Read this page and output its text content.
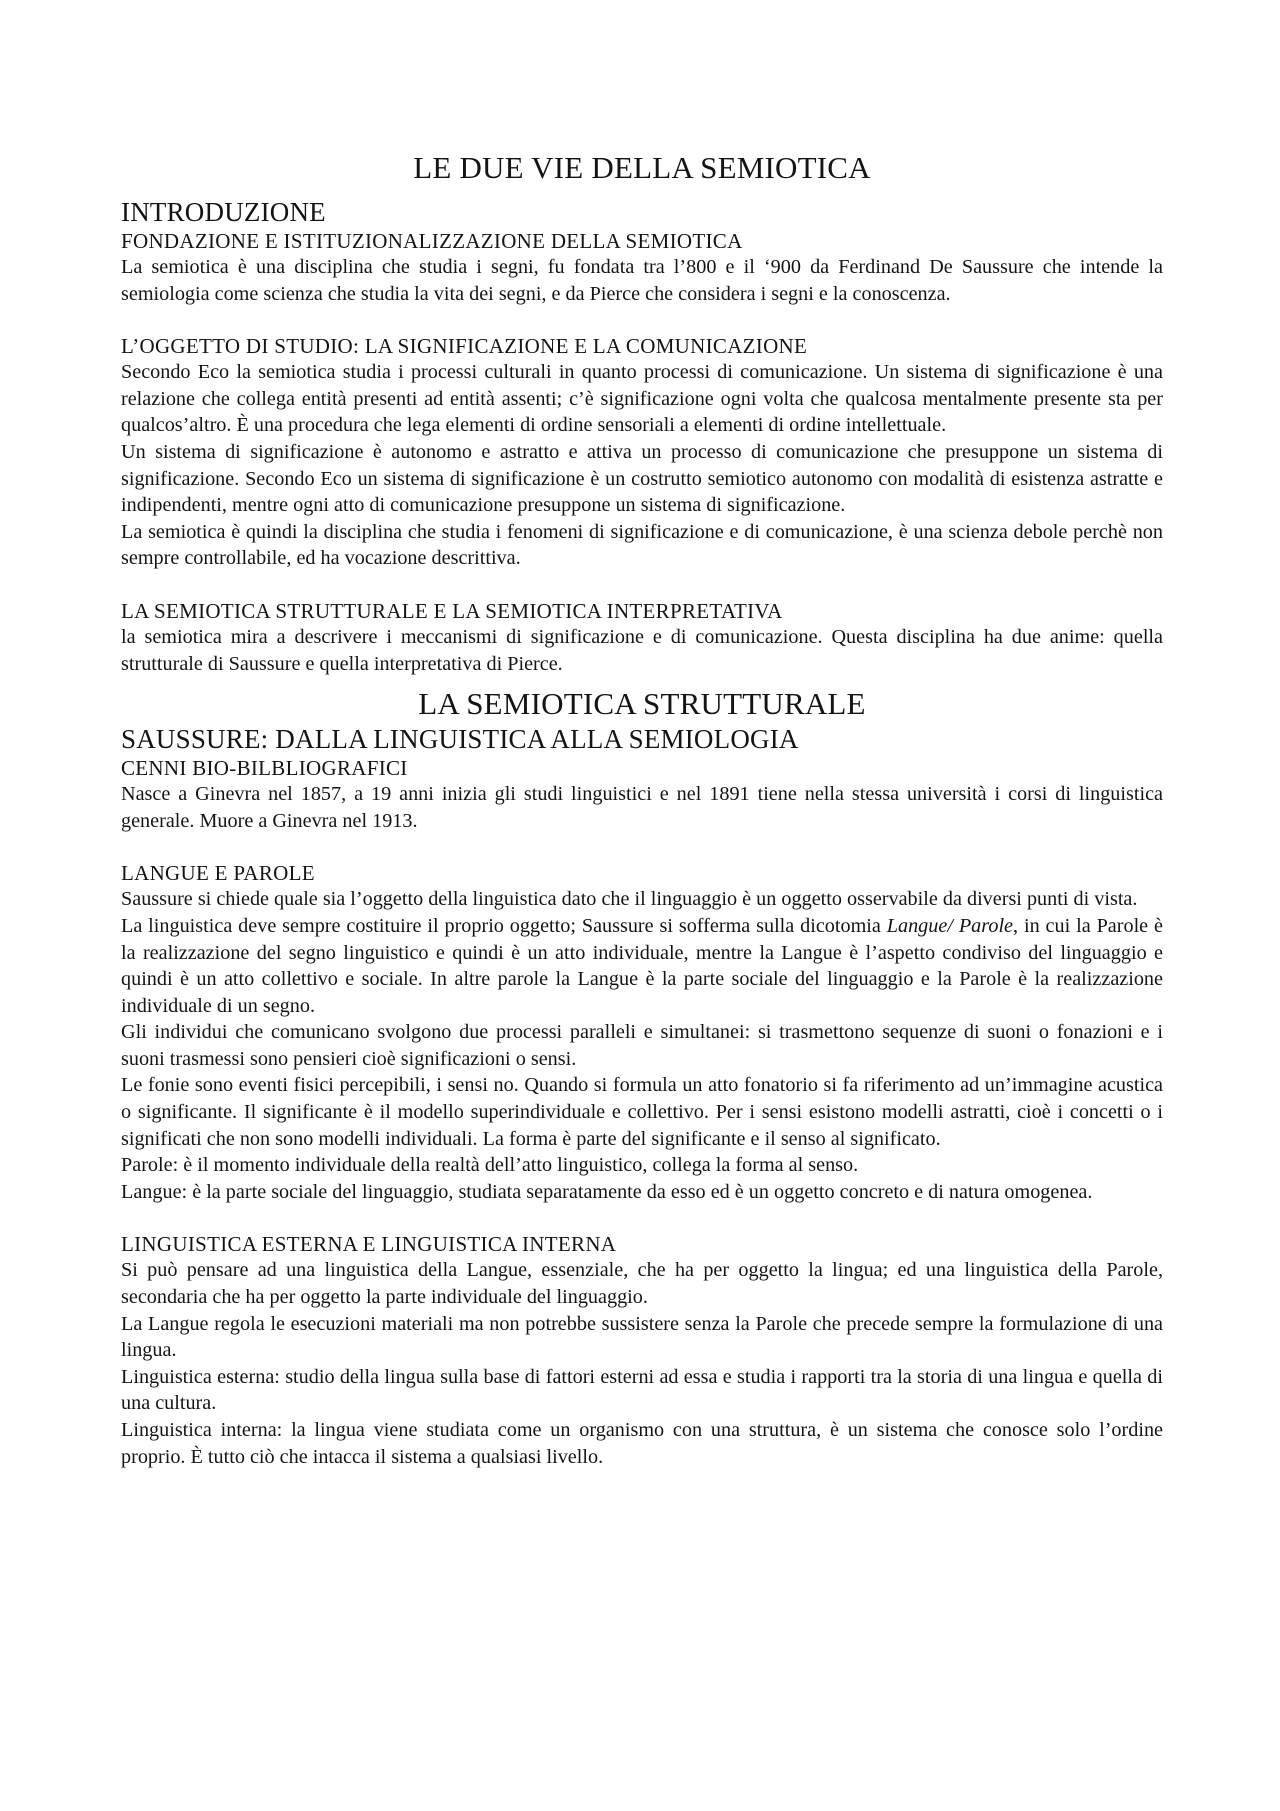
LE DUE VIE DELLA SEMIOTICA
INTRODUZIONE
FONDAZIONE E ISTITUZIONALIZZAZIONE DELLA SEMIOTICA

La semiotica è una disciplina che studia i segni, fu fondata tra l’800 e il ‘900 da Ferdinand De Saussure che intende la semiologia come scienza che studia la vita dei segni, e da Pierce che considera i segni e la conoscenza.

L’OGGETTO DI STUDIO: LA SIGNIFICAZIONE E LA COMUNICAZIONE

Secondo Eco la semiotica studia i processi culturali in quanto processi di comunicazione. Un sistema di significazione è una relazione che collega entità presenti ad entità assenti; c’è significazione ogni volta che qualcosa mentalmente presente sta per qualcos’altro. È una procedura che lega elementi di ordine sensoriali a elementi di ordine intellettuale.

Un sistema di significazione è autonomo e astratto e attiva un processo di comunicazione che presuppone un sistema di significazione. Secondo Eco un sistema di significazione è un costrutto semiotico autonomo con modalità di esistenza astratte e indipendenti, mentre ogni atto di comunicazione presuppone un sistema di significazione.

La semiotica è quindi la disciplina che studia i fenomeni di significazione e di comunicazione, è una scienza debole perchè non sempre controllabile, ed ha vocazione descrittiva.

LA SEMIOTICA STRUTTURALE E LA SEMIOTICA INTERPRETATIVA

la semiotica mira a descrivere i meccanismi di significazione e di comunicazione. Questa disciplina ha due anime: quella strutturale di Saussure e quella interpretativa di Pierce.

LA SEMIOTICA STRUTTURALE
SAUSSURE: DALLA LINGUISTICA ALLA SEMIOLOGIA
CENNI BIO-BILBLIOGRAFICI

Nasce a Ginevra nel 1857, a 19 anni inizia gli studi linguistici e nel 1891 tiene nella stessa università i corsi di linguistica generale. Muore a Ginevra nel 1913.

LANGUE E PAROLE

Saussure si chiede quale sia l’oggetto della linguistica dato che il linguaggio è un oggetto osservabile da diversi punti di vista.

La linguistica deve sempre costituire il proprio oggetto; Saussure si sofferma sulla dicotomia Langue/ Parole, in cui la Parole è la realizzazione del segno linguistico e quindi è un atto individuale, mentre la Langue è l’aspetto condiviso del linguaggio e quindi è un atto collettivo e sociale. In altre parole la Langue è la parte sociale del linguaggio e la Parole è la realizzazione individuale di un segno.

Gli individui che comunicano svolgono due processi paralleli e simultanei: si trasmettono sequenze di suoni o fonazioni e i suoni trasmessi sono pensieri cioè significazioni o sensi.

Le fonie sono eventi fisici percepibili, i sensi no. Quando si formula un atto fonatorio si fa riferimento ad un’immagine acustica o significante. Il significante è il modello superindividuale e collettivo. Per i sensi esistono modelli astratti, cioè i concetti o i significati che non sono modelli individuali. La forma è parte del significante e il senso al significato.

Parole: è il momento individuale della realtà dell’atto linguistico, collega la forma al senso.

Langue: è la parte sociale del linguaggio, studiata separatamente da esso ed è un oggetto concreto e di natura omogenea.

LINGUISTICA ESTERNA E LINGUISTICA INTERNA

Si può pensare ad una linguistica della Langue, essenziale, che ha per oggetto la lingua; ed una linguistica della Parole, secondaria che ha per oggetto la parte individuale del linguaggio.

La Langue regola le esecuzioni materiali ma non potrebbe sussistere senza la Parole che precede sempre la formulazione di una lingua.

Linguistica esterna: studio della lingua sulla base di fattori esterni ad essa e studia i rapporti tra la storia di una lingua e quella di una cultura.

Linguistica interna: la lingua viene studiata come un organismo con una struttura, è un sistema che conosce solo l’ordine proprio. È tutto ciò che intacca il sistema a qualsiasi livello.
